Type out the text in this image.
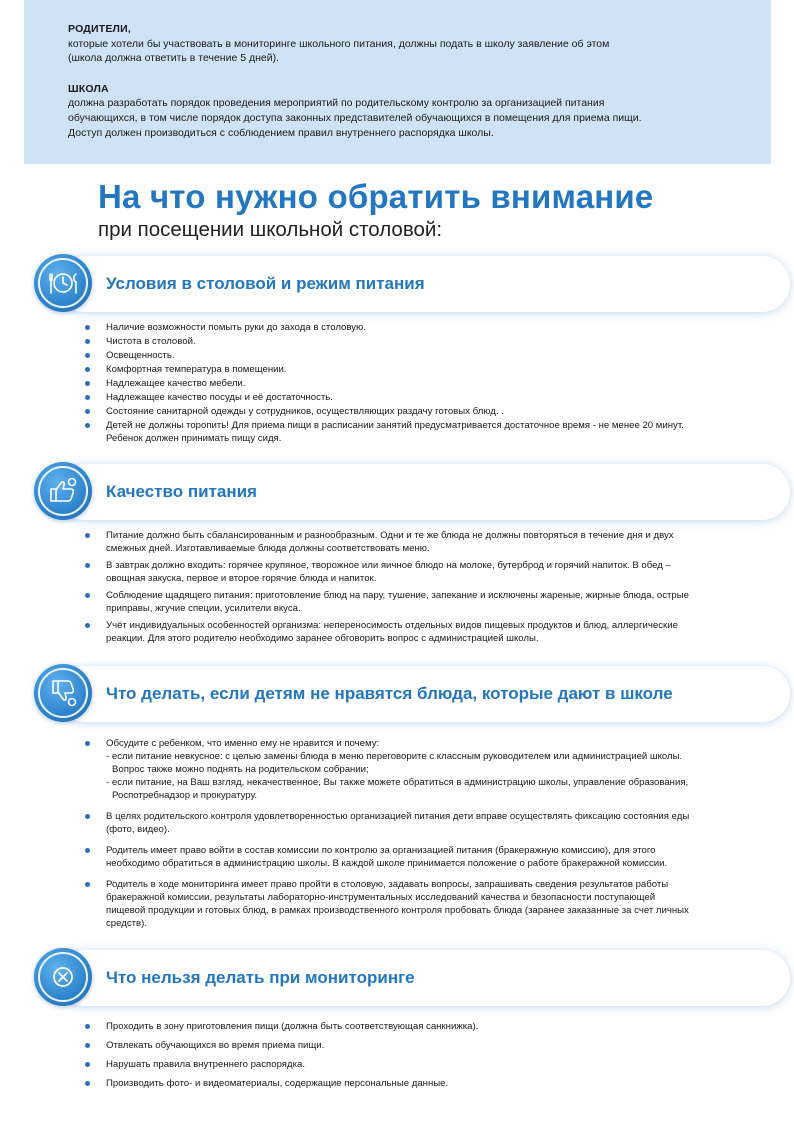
РОДИТЕЛИ,
которые хотели бы участвовать в мониторинге школьного питания, должны подать в школу заявление об этом
(школа должна ответить в течение 5 дней).
ШКОЛА
должна разработать порядок проведения мероприятий по родительскому контролю за организацией питания
обучающихся, в том числе порядок доступа законных представителей обучающихся в помещения для приема пищи.
Доступ должен производиться с соблюдением правил внутреннего распорядка школы.
На что нужно обратить внимание
при посещении школьной столовой:
Условия в столовой и режим питания
Наличие возможности помыть руки до захода в столовую.
Чистота в столовой.
Освещенность.
Комфортная температура в помещении.
Надлежащее качество мебели.
Надлежащее качество посуды и её достаточность.
Состояние санитарной одежды у сотрудников, осуществляющих раздачу готовых блюд. .
Детей не должны торопить! Для приема пищи в расписании занятий предусматривается достаточное время - не менее 20 минут.
Ребенок должен принимать пищу сидя.
Качество питания
Питание должно быть сбалансированным и разнообразным. Одни и те же блюда не должны повторяться в течение дня и двух
смежных дней. Изготавливаемые блюда должны соответствовать меню.
В завтрак должно входить: горячее крупяное, творожное или яичное блюдо на молоке, бутерброд и горячий напиток. В обед –
овощная закуска, первое и второе горячие блюда и напиток.
Соблюдение щадящего питания: приготовление блюд на пару, тушение, запекание и исключены жареные, жирные блюда, острые
приправы, жгучие специи, усилители вкуса.
Учёт индивидуальных особенностей организма: непереносимость отдельных видов пищевых продуктов и блюд, аллергические
реакции. Для этого родителю необходимо заранее обговорить вопрос с администрацией школы.
Что делать, если детям не нравятся блюда, которые дают в школе
Обсудите с ребенком, что именно ему не нравится и почему:
- если питание невкусное: с целью замены блюда в меню переговорите с классным руководителем или администрацией школы.
Вопрос также можно поднять на родительском собрании;
- если питание, на Ваш взгляд, некачественное, Вы также можете обратиться в администрацию школы, управление образования,
Роспотребнадзор и прокуратуру.
В целях родительского контроля удовлетворенностью организацией питания дети вправе осуществлять фиксацию состояния еды
(фото, видео).
Родитель имеет право войти в состав комиссии по контролю за организацией питания (бракеражную комиссию), для этого
необходимо обратиться в администрацию школы. В каждой школе принимается положение о работе бракеражной комиссии.
Родитель в ходе мониторинга имеет право пройти в столовую, задавать вопросы, запрашивать сведения результатов работы
бракеражной комиссии, результаты лабораторно-инструментальных исследований качества и безопасности поступающей
пищевой продукции и готовых блюд, в рамках производственного контроля пробовать блюда (заранее заказанные за счет личных
средств).
Что нельзя делать при мониторинге
Проходить в зону приготовления пищи (должна быть соответствующая санкнижка).
Отвлекать обучающихся во время приема пищи.
Нарушать правила внутреннего распорядка.
Производить фото- и видеоматериалы, содержащие персональные данные.
